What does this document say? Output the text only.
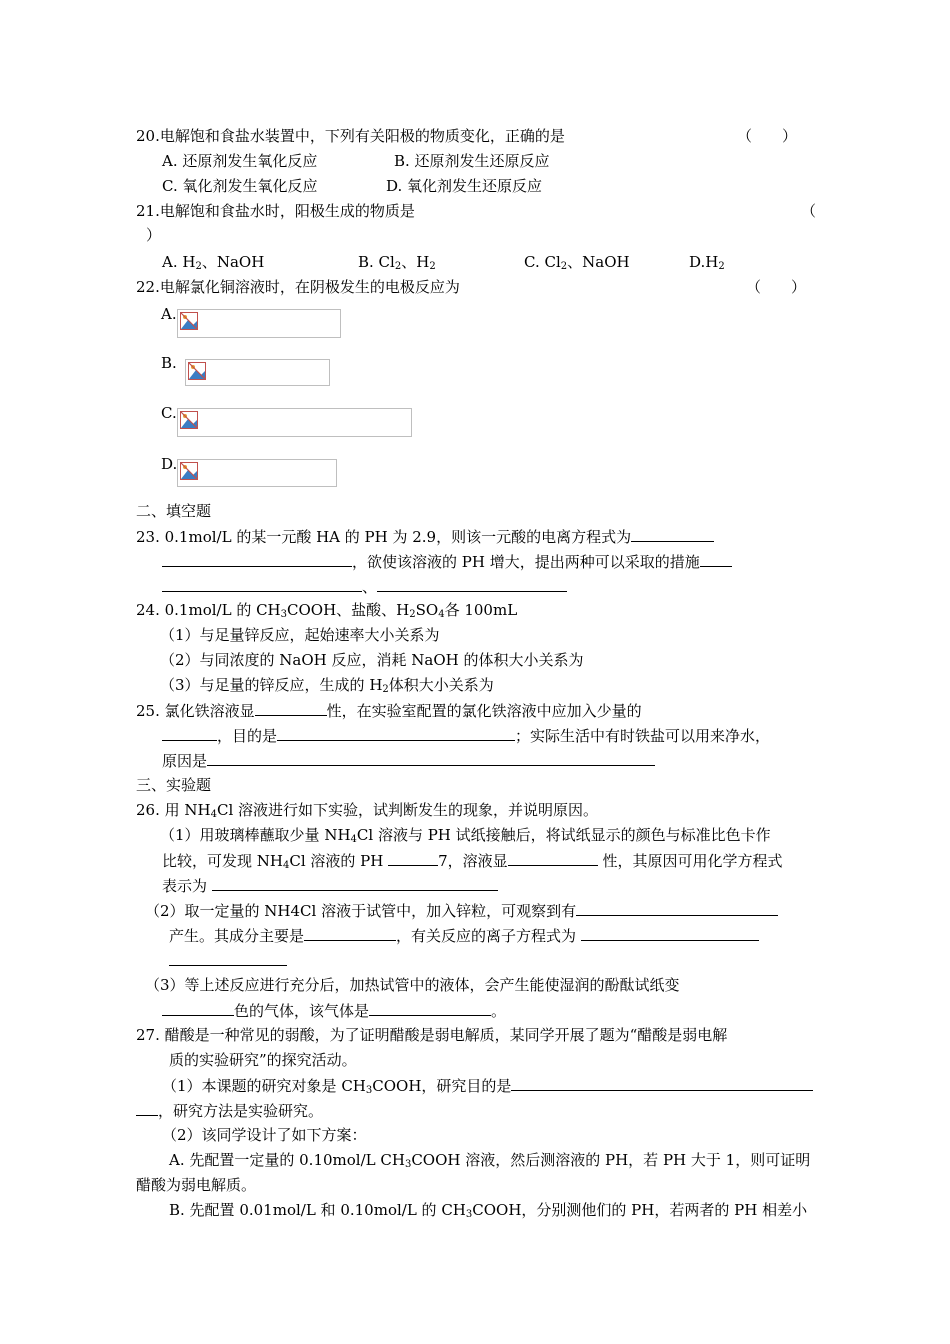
20.电解饱和食盐水装置中，下列有关阳极的物质变化，正确的是	（　　）
A. 还原剂发生氧化反应	B. 还原剂发生还原反应
C. 氧化剂发生氧化反应	D. 氧化剂发生还原反应
21.电解饱和食盐水时，阳极生成的物质是	（
）
A. $H_2$、NaOH	B. $Cl_2$、$H_2$	C. $Cl_2$、NaOH	$D.H_2$
22.电解氯化铜溶液时，在阴极发生的电极反应为	（　　）
A.
B.
C.
D.
二、填空题
23. 0.1mol/L 的某一元酸 HA 的 PH 为 2.9，则该一元酸的电离方程式为
，欲使该溶液的 PH 增大，提出两种可以采取的措施
、
24. 0.1mol/L 的 $CH_3COOH$、盐酸、$H_2SO_4$各 100mL
（1）与足量锌反应，起始速率大小关系为
（2）与同浓度的 NaOH 反应，消耗 NaOH 的体积大小关系为
（3）与足量的锌反应，生成的 $H_2$体积大小关系为
25. 氯化铁溶液显	性，在实验室配置的氯化铁溶液中应加入少量的
，目的是	；实际生活中有时铁盐可以用来净水，
原因是
三、实验题
26. 用 $NH_4Cl$ 溶液进行如下实验，试判断发生的现象，并说明原因。
（1）用玻璃棒蘸取少量 $NH_4Cl$ 溶液与 PH 试纸接触后，将试纸显示的颜色与标准比色卡作
比较，可发现 $NH_4Cl$ 溶液的 PH	7，溶液显	性，其原因可用化学方程式
表示为
（2）取一定量的 NH4Cl 溶液于试管中，加入锌粒，可观察到有
产生。其成分主要是	，有关反应的离子方程式为
（3）等上述反应进行充分后，加热试管中的液体，会产生能使湿润的酚酞试纸变
色的气体，该气体是	。
27. 醋酸是一种常见的弱酸，为了证明醋酸是弱电解质，某同学开展了题为“醋酸是弱电解
质的实验研究”的探究活动。
（1）本课题的研究对象是 $CH_3COOH$，研究目的是
，研究方法是实验研究。
（2）该同学设计了如下方案：
A. 先配置一定量的 0.10mol/L $CH_3COOH$ 溶液，然后测溶液的 PH，若 PH 大于 1，则可证明
醋酸为弱电解质。
B. 先配置 0.01mol/L 和 0.10mol/L 的 $CH_3COOH$，分别测他们的 PH，若两者的 PH 相差小
